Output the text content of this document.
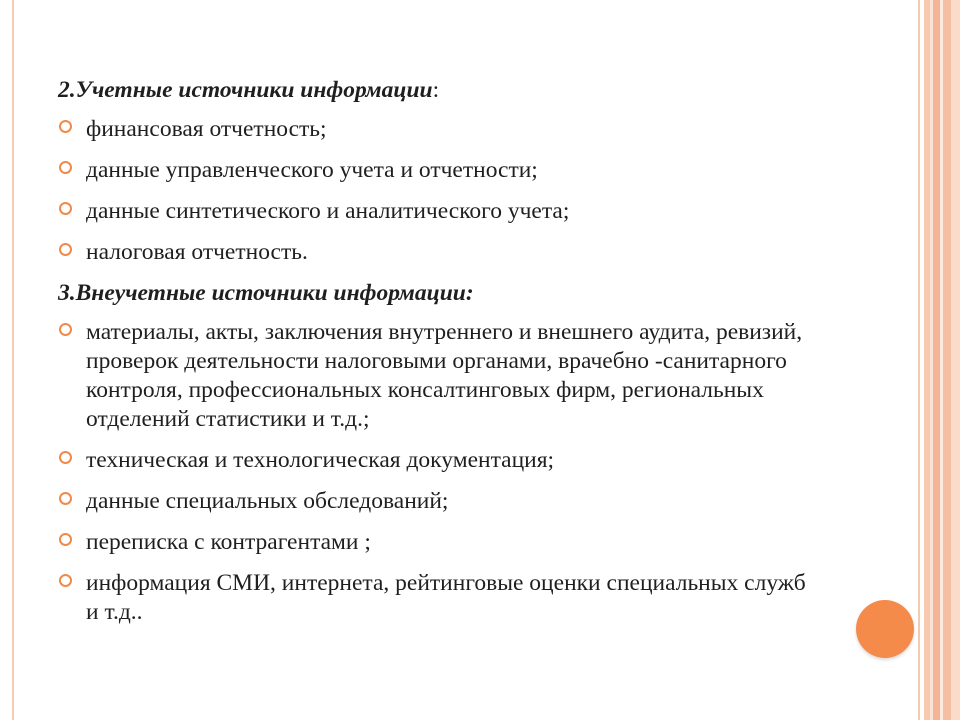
2.Учетные источники информации:
финансовая отчетность;
данные управленческого учета и отчетности;
данные синтетического и аналитического учета;
налоговая отчетность.
3.Внеучетные источники информации:
материалы, акты, заключения внутреннего и внешнего аудита, ревизий, проверок деятельности налоговыми органами, врачебно -санитарного контроля, профессиональных консалтинговых фирм, региональных отделений статистики и т.д.;
техническая и технологическая документация;
данные специальных обследований;
переписка с контрагентами ;
информация СМИ, интернета, рейтинговые оценки специальных служб и т.д..
